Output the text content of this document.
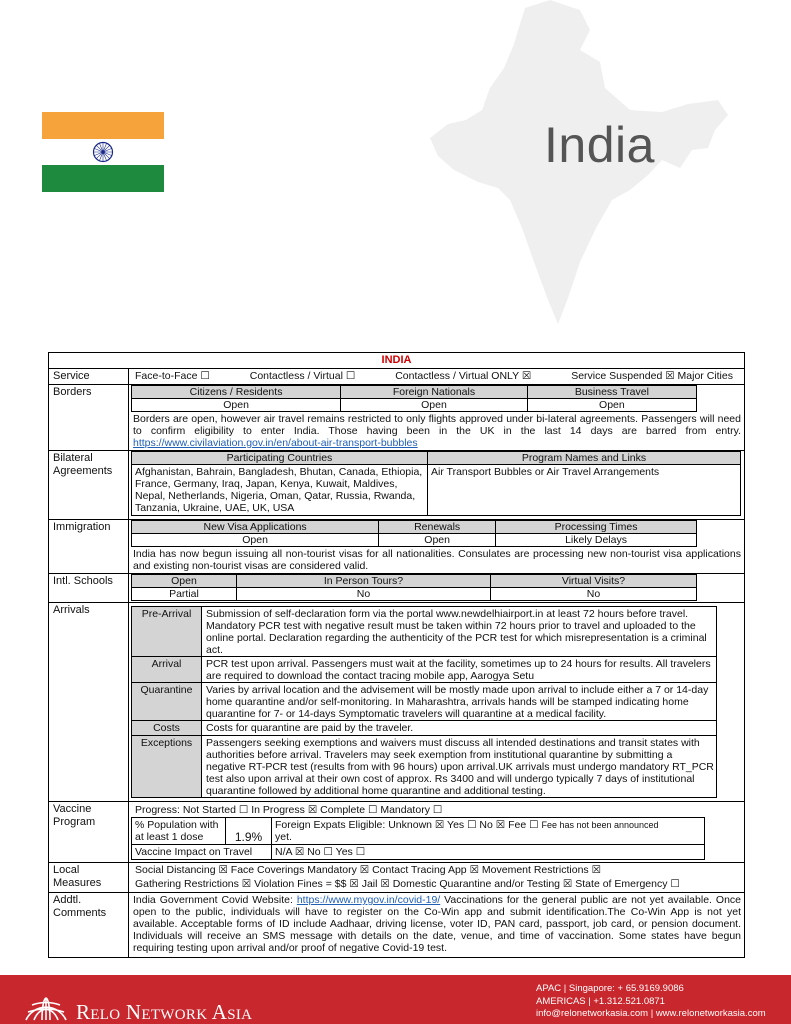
India
INDIA
Service	Face-to-Face ☐	Contactless / Virtual ☐	Contactless / Virtual ONLY ☒	Service Suspended ☒ Major Cities

Borders		Citizens / Residents	Foreign Nationals	Business Travel
Open	Open	Open
Borders are open, however air travel remains restricted to only flights approved under bi-lateral agreements. Passengers will need to confirm eligibility to enter India. Those having been in the UK in the last 14 days are barred from entry. https://www.civilaviation.gov.in/en/about-air-transport-bubbles

Bilateral Agreements	
Participating Countries	Program Names and Links
Afghanistan, Bahrain, Bangladesh, Bhutan, Canada, Ethiopia, France, Germany, Iraq, Japan, Kenya, Kuwait, Maldives, Nepal, Netherlands, Nigeria, Oman, Qatar, Russia, Rwanda, Tanzania, Ukraine, UAE, UK, USA	Air Transport Bubbles or Air Travel Arrangements

Immigration		New Visa Applications	Renewals	Processing Times
Open	Open	Likely Delays
India has now begun issuing all non-tourist visas for all nationalities. Consulates are processing new non-tourist visa applications and existing non-tourist visas are considered valid.

Intl. Schools		Open	In Person Tours?	Virtual Visits?
Partial	No	No

Arrivals		Pre-Arrival	Submission of self-declaration form via the portal www.newdelhiairport.in at least 72 hours before travel. Mandatory PCR test with negative result must be taken within 72 hours prior to travel and uploaded to the online portal. Declaration regarding the authenticity of the PCR test for which misrepresentation is a criminal act.
Arrival	PCR test upon arrival. Passengers must wait at the facility, sometimes up to 24 hours for results. All travelers are required to download the contact tracing mobile app, Aarogya Setu
Quarantine	Varies by arrival location and the advisement will be mostly made upon arrival to include either a 7 or 14-day home quarantine and/or self-monitoring. In Maharashtra, arrivals hands will be stamped indicating home quarantine for 7- or 14-days Symptomatic travelers will quarantine at a medical facility.
Costs	Costs for quarantine are paid by the traveler.
Exceptions	Passengers seeking exemptions and waivers must discuss all intended destinations and transit states with authorities before arrival. Travelers may seek exemption from institutional quarantine by submitting a negative RT-PCR test (results from with 96 hours) upon arrival.UK arrivals must undergo mandatory RT_PCR test also upon arrival at their own cost of approx. Rs 3400 and will undergo typically 7 days of institutional quarantine followed by additional home quarantine and additional testing.

Vaccine Program	
Progress: Not Started ☐ In Progress ☒ Complete ☐ Mandatory ☐
% Population with at least 1 dose	1.9%	Foreign Expats Eligible: Unknown ☒ Yes ☐ No ☒ Fee ☐ Fee has not been announced
yet.
Vaccine Impact on Travel	N/A ☒ No ☐ Yes ☐

Local Measures	
Social Distancing ☒ Face Coverings Mandatory ☒ Contact Tracing App ☒ Movement Restrictions ☒
Gathering Restrictions ☒ Violation Fines = $$ ☒ Jail ☒ Domestic Quarantine and/or Testing ☒ State of Emergency ☐

Addtl. Comments	
India Government Covid Website: https://www.mygov.in/covid-19/ Vaccinations for the general public are not yet available. Once open to the public, individuals will have to register on the Co-Win app and submit identification.The Co-Win App is not yet available. Acceptable forms of ID include Aadhaar, driving license, voter ID, PAN card, passport, job card, or pension document. Individuals will receive an SMS message with details on the date, venue, and time of vaccination. Some states have begun requiring testing upon arrival and/or proof of negative Covid-19 test.
Relo Network Asia
APAC | Singapore: + 65.9169.9086
AMERICAS | +1.312.521.0871
info@relonetworkasia.com | www.relonetworkasia.com
